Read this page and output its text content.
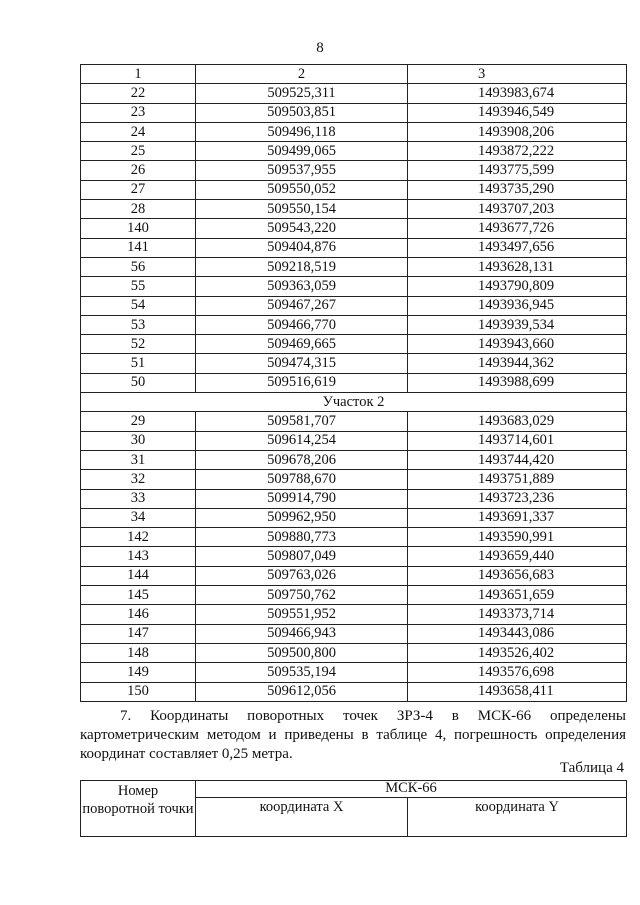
8
1	2	3
22	509525,311	1493983,674
23	509503,851	1493946,549
24	509496,118	1493908,206
25	509499,065	1493872,222
26	509537,955	1493775,599
27	509550,052	1493735,290
28	509550,154	1493707,203
140	509543,220	1493677,726
141	509404,876	1493497,656
56	509218,519	1493628,131
55	509363,059	1493790,809
54	509467,267	1493936,945
53	509466,770	1493939,534
52	509469,665	1493943,660
51	509474,315	1493944,362
50	509516,619	1493988,699
Участок 2		
29	509581,707	1493683,029
30	509614,254	1493714,601
31	509678,206	1493744,420
32	509788,670	1493751,889
33	509914,790	1493723,236
34	509962,950	1493691,337
142	509880,773	1493590,991
143	509807,049	1493659,440
144	509763,026	1493656,683
145	509750,762	1493651,659
146	509551,952	1493373,714
147	509466,943	1493443,086
148	509500,800	1493526,402
149	509535,194	1493576,698
150	509612,056	1493658,411

7. Координаты поворотных точек ЗРЗ-4 в МСК-66 определены картометрическим методом и приведены в таблице 4, погрешность определения координат составляет 0,25 метра.

Таблица 4
Номер поворотной точки	МСК-66	
	координата X	координата Y
